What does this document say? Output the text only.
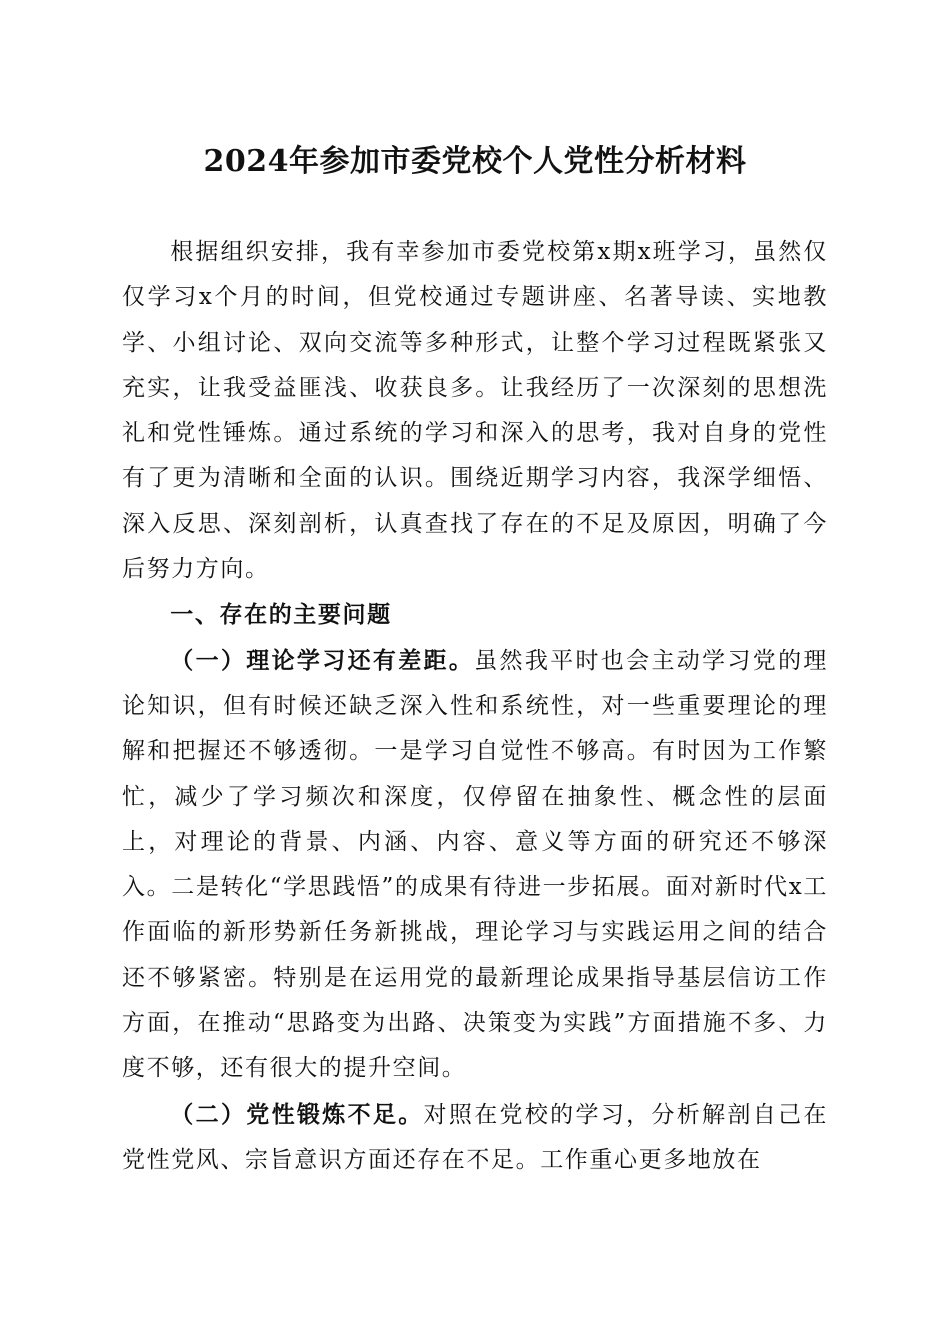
2024年参加市委党校个人党性分析材料

根据组织安排，我有幸参加市委党校第x期x班学习，虽然仅仅学习x个月的时间，但党校通过专题讲座、名著导读、实地教学、小组讨论、双向交流等多种形式，让整个学习过程既紧张又充实，让我受益匪浅、收获良多。让我经历了一次深刻的思想洗礼和党性锤炼。通过系统的学习和深入的思考，我对自身的党性有了更为清晰和全面的认识。围绕近期学习内容，我深学细悟、深入反思、深刻剖析，认真查找了存在的不足及原因，明确了今后努力方向。

一、存在的主要问题

（一）理论学习还有差距。虽然我平时也会主动学习党的理论知识，但有时候还缺乏深入性和系统性，对一些重要理论的理解和把握还不够透彻。一是学习自觉性不够高。有时因为工作繁忙，减少了学习频次和深度，仅停留在抽象性、概念性的层面上，对理论的背景、内涵、内容、意义等方面的研究还不够深入。二是转化“学思践悟”的成果有待进一步拓展。面对新时代x工作面临的新形势新任务新挑战，理论学习与实践运用之间的结合还不够紧密。特别是在运用党的最新理论成果指导基层信访工作方面，在推动“思路变为出路、决策变为实践”方面措施不多、力度不够，还有很大的提升空间。

（二）党性锻炼不足。对照在党校的学习，分析解剖自己在党性党风、宗旨意识方面还存在不足。工作重心更多地放在
